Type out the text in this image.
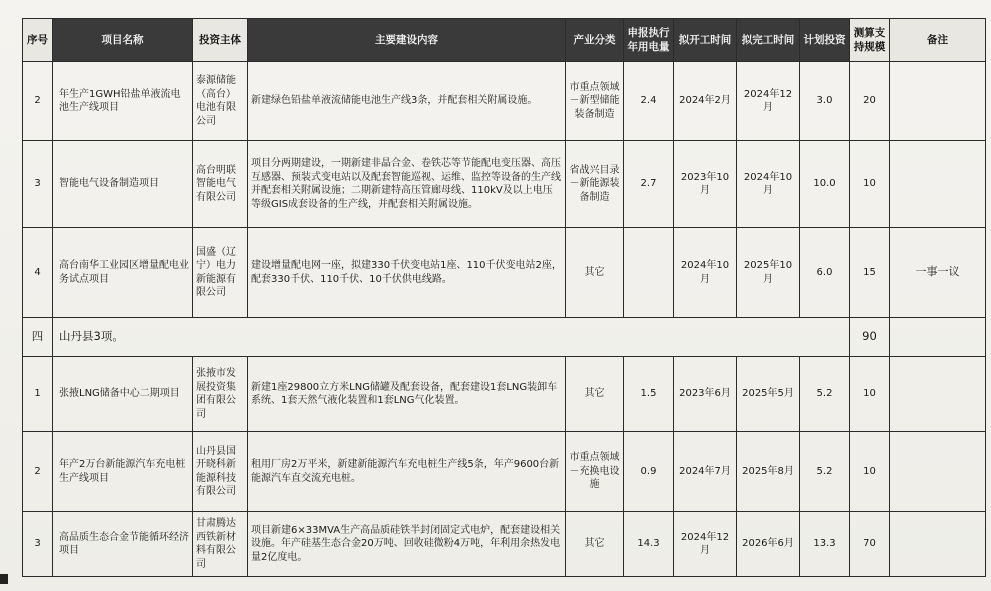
序号	项目名称	投资主体	主要建设内容	产业分类	申报执行年用电量	拟开工时间	拟完工时间	计划投资	测算支持规模	备注
2	年生产1GWH铅盐单液流电池生产线项目	泰源储能（高台）电池有限公司	新建绿色铅盐单液流储能电池生产线3条，并配套相关附属设施。	市重点领域－新型储能装备制造	2.4	2024年2月	2024年12月	3.0	20	
3	智能电气设备制造项目	高台明联智能电气有限公司	项目分两期建设，一期新建非晶合金、卷铁芯等节能配电变压器、高压互感器、预装式变电站以及配套智能巡视、运维、监控等设备的生产线并配套相关附属设施；二期新建特高压管廊母线、110kV及以上电压等级GIS成套设备的生产线，并配套相关附属设施。	省战兴目录－新能源装备制造	2.7	2023年10月	2024年10月	10.0	10	
4	高台南华工业园区增量配电业务试点项目	国盛（辽宁）电力新能源有限公司	建设增量配电网一座，拟建330千伏变电站1座、110千伏变电站2座，配套330千伏、110千伏、10千伏供电线路。	其它		2024年10月	2025年10月	6.0	15	一事一议
四	山丹县3项。								90	
1	张掖LNG储备中心二期项目	张掖市发展投资集团有限公司	新建1座29800立方米LNG储罐及配套设备，配套建设1套LNG装卸车系统、1套天然气液化装置和1套LNG气化装置。	其它	1.5	2023年6月	2025年5月	5.2	10	
2	年产2万台新能源汽车充电桩生产线项目	山丹县国开晓科新能源科技有限公司	租用厂房2万平米，新建新能源汽车充电桩生产线5条，年产9600台新能源汽车直交流充电桩。	市重点领域－充换电设施	0.9	2024年7月	2025年8月	5.2	10	
3	高品质生态合金节能循环经济项目	甘肃腾达西铁新材料有限公司	项目新建6×33MVA生产高品质硅铁半封闭固定式电炉，配套建设相关设施。年产硅基生态合金20万吨、回收硅微粉4万吨，年利用余热发电量2亿度电。	其它	14.3	2024年12月	2026年6月	13.3	70	
